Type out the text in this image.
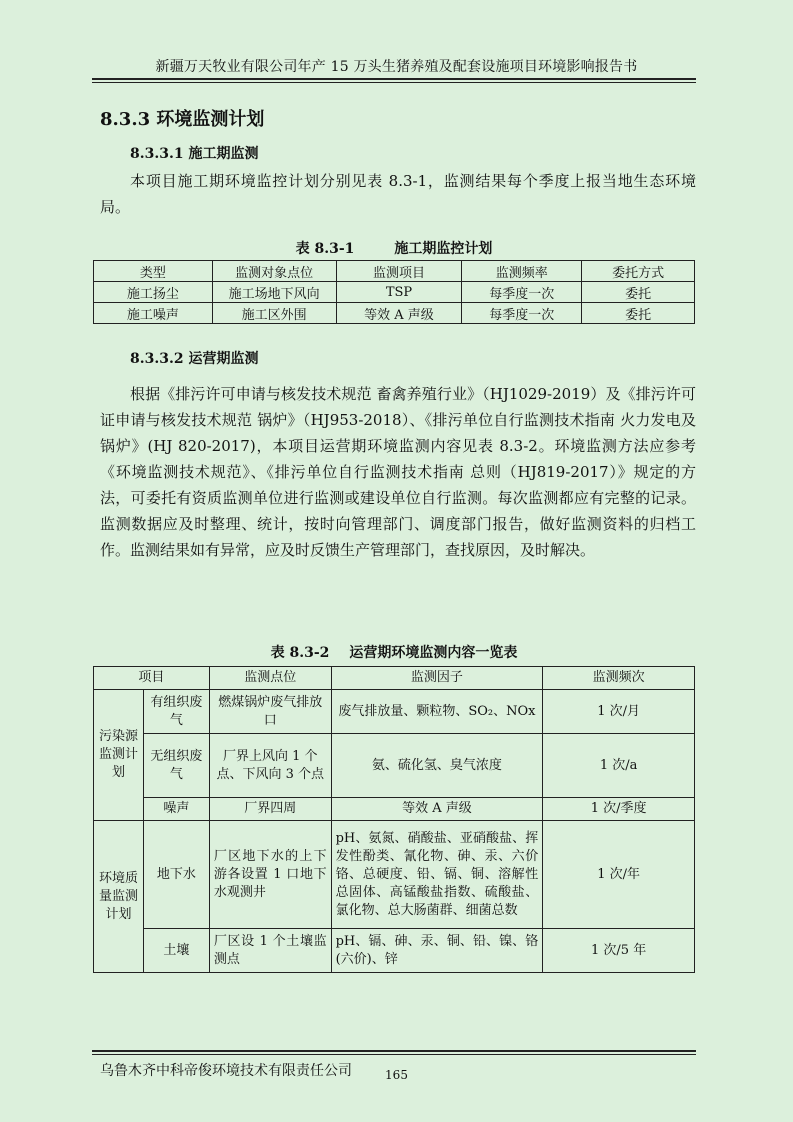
新疆万天牧业有限公司年产 15 万头生猪养殖及配套设施项目环境影响报告书
8.3.3 环境监测计划
8.3.3.1 施工期监测
本项目施工期环境监控计划分别见表 8.3-1，监测结果每个季度上报当地生态环境局。
表 8.3-1	施工期监控计划
类型	监测对象点位	监测项目	监测频率	委托方式
施工扬尘	施工场地下风向	TSP	每季度一次	委托
施工噪声	施工区外围	等效 A 声级	每季度一次	委托
8.3.3.2 运营期监测
根据《排污许可申请与核发技术规范 畜禽养殖行业》（HJ1029-2019）及《排污许可证申请与核发技术规范 锅炉》（HJ953-2018）、《排污单位自行监测技术指南 火力发电及锅炉》(HJ 820-2017)，本项目运营期环境监测内容见表 8.3-2。环境监测方法应参考《环境监测技术规范》、《排污单位自行监测技术指南 总则（HJ819-2017）》规定的方法，可委托有资质监测单位进行监测或建设单位自行监测。每次监测都应有完整的记录。监测数据应及时整理、统计，按时向管理部门、调度部门报告，做好监测资料的归档工作。监测结果如有异常，应及时反馈生产管理部门，查找原因，及时解决。
表 8.3-2 运营期环境监测内容一览表
项目		监测点位	监测因子	监测频次
污染源监测计划	有组织废气	燃煤锅炉废气排放口	废气排放量、颗粒物、SO₂、NOx	1 次/月
	无组织废气	厂界上风向 1 个点、下风向 3 个点	氨、硫化氢、臭气浓度	1 次/a
	噪声	厂界四周	等效 A 声级	1 次/季度
环境质量监测计划	地下水	厂区地下水的上下游各设置 1 口地下水观测井	pH、氨氮、硝酸盐、亚硝酸盐、挥发性酚类、氰化物、砷、汞、六价铬、总硬度、铅、镉、铜、溶解性总固体、高锰酸盐指数、硫酸盐、氯化物、总大肠菌群、细菌总数	1 次/年
	土壤	厂区设 1 个土壤监测点	pH、镉、砷、汞、铜、铅、镍、铬(六价)、锌	1 次/5 年
乌鲁木齐中科帝俊环境技术有限责任公司	165
